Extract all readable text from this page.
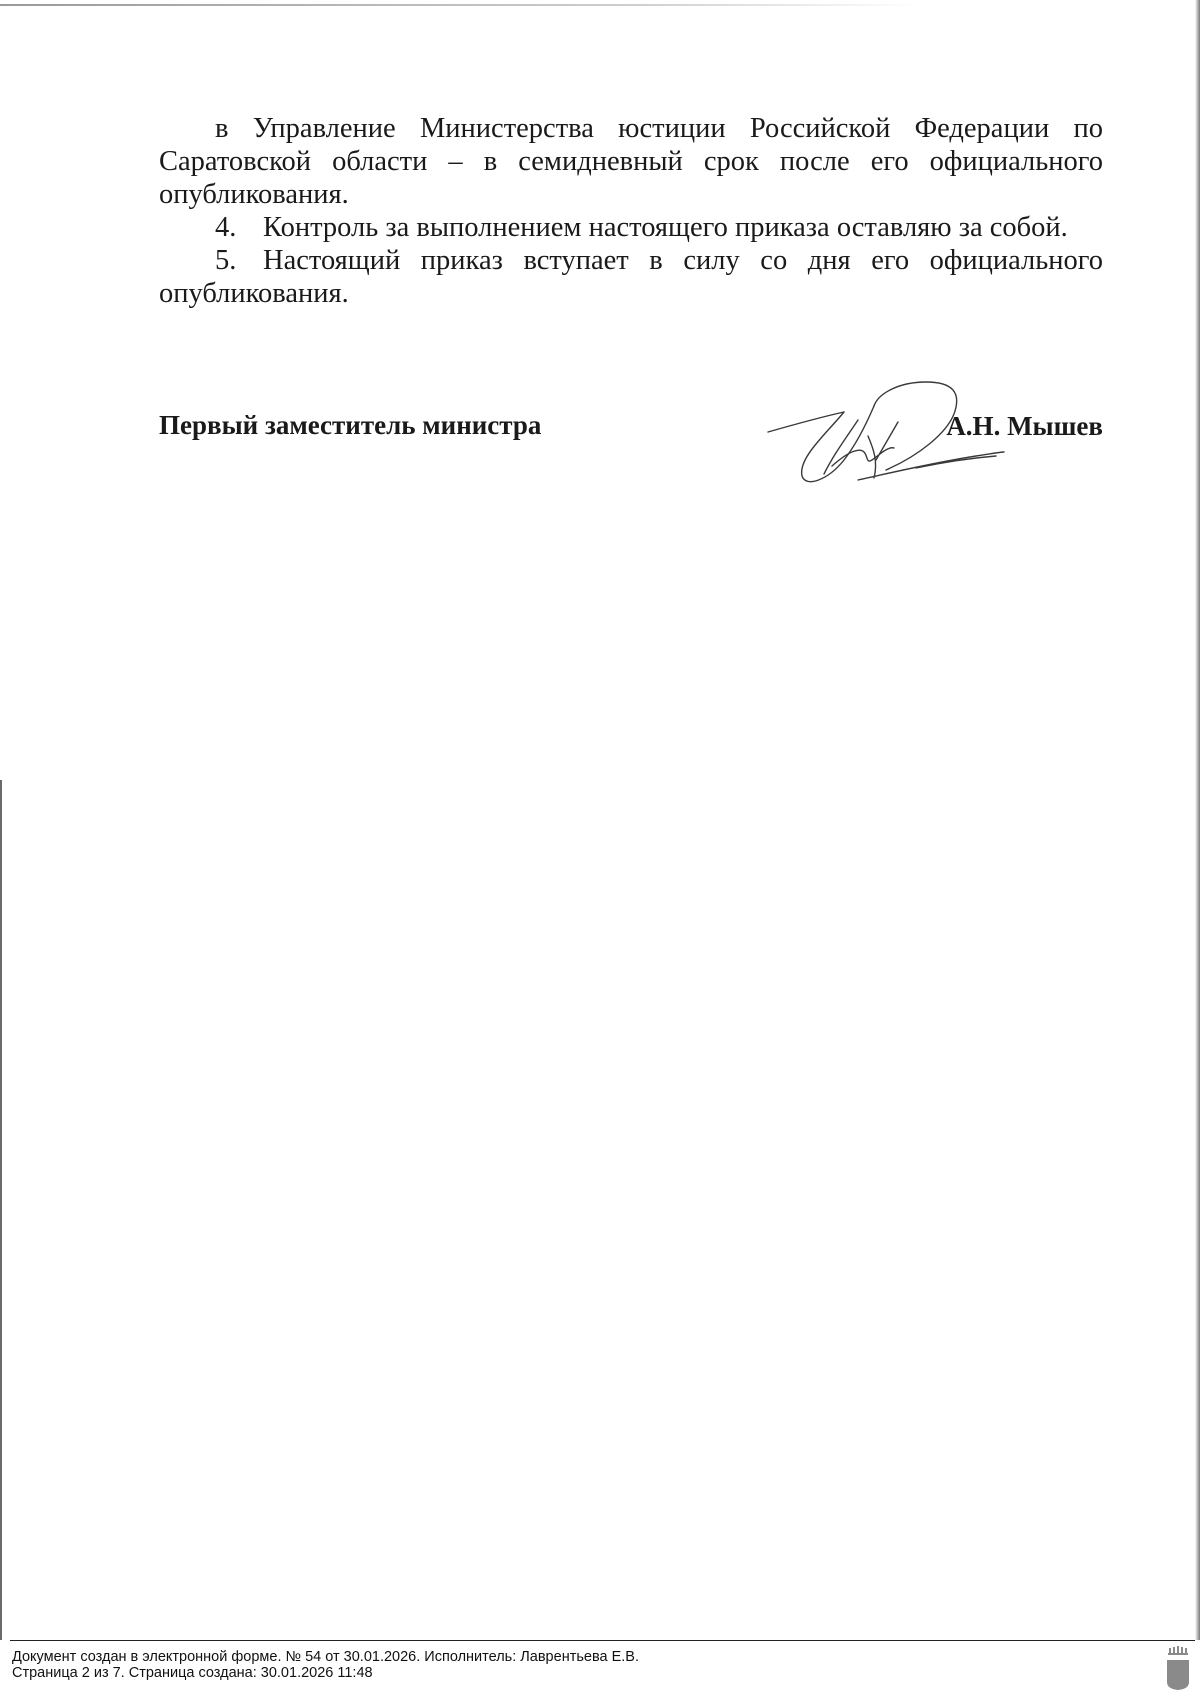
в Управление Министерства юстиции Российской Федерации по Саратовской области – в семидневный срок после его официального опубликования.

4. Контроль за выполнением настоящего приказа оставляю за собой.

5. Настоящий приказ вступает в силу со дня его официального опубликования.

Первый заместитель министра	А.Н. Мышев
Документ создан в электронной форме. № 54 от 30.01.2026. Исполнитель: Лаврентьева Е.В.
Страница 2 из 7. Страница создана: 30.01.2026 11:48
